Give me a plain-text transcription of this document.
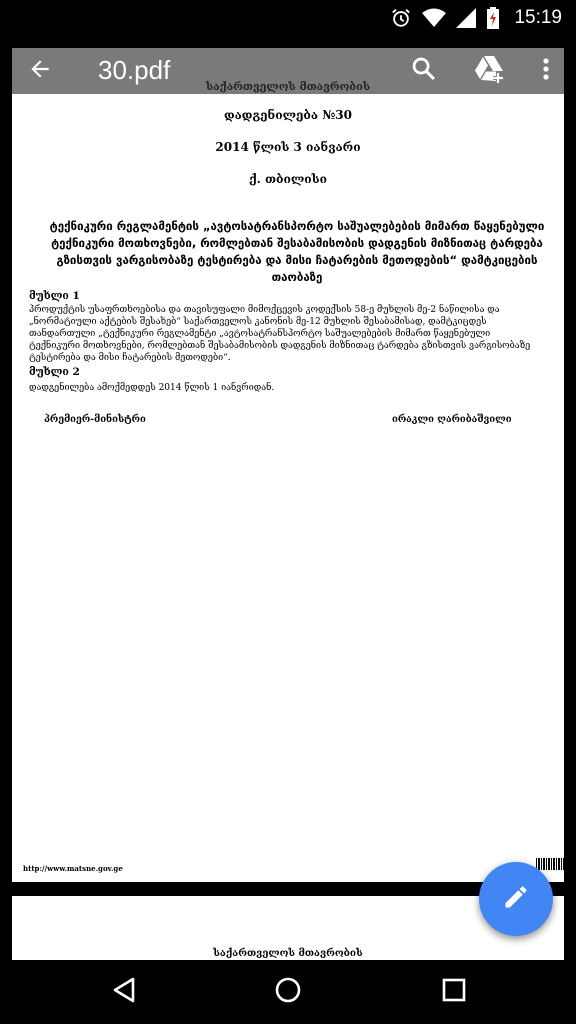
15:19
30.pdf
საქართველოს მთავრობის
დადგენილება №30
2014 წლის 3 იანვარი
ქ. თბილისი
ტექნიკური რეგლამენტის „ავტოსატრანსპორტო საშუალებების მიმართ წაყენებული
ტექნიკური მოთხოვნები, რომლებთან შესაბამისობის დადგენის მიზნითაც ტარდება
გზისთვის ვარგისობაზე ტესტირება და მისი ჩატარების მეთოდების“ დამტკიცების
თაობაზე
მუხლი 1
პროდუქტის უსაფრთხოებისა და თავისუფალი მიმოქცევის კოდექსის 58-ე მუხლის მე-2 ნაწილისა და
„ნორმატიული აქტების შესახებ“ საქართველოს კანონის მე-12 მუხლის შესაბამისად, დამტკიცდეს
თანდართული „ტექნიკური რეგლამენტი „ავტოსატრანსპორტო საშუალებების მიმართ წაყენებული
ტექნიკური მოთხოვნები, რომლებთან შესაბამისობის დადგენის მიზნითაც ტარდება გზისთვის ვარგისობაზე
ტესტირება და მისი ჩატარების მეთოდები“.
მუხლი 2
დადგენილება ამოქმედდეს 2014 წლის 1 იანვრიდან.
პრემიერ-მინისტრი	ირაკლი ღარიბაშვილი
http://www.matsne.gov.ge
საქართველოს მთავრობის
